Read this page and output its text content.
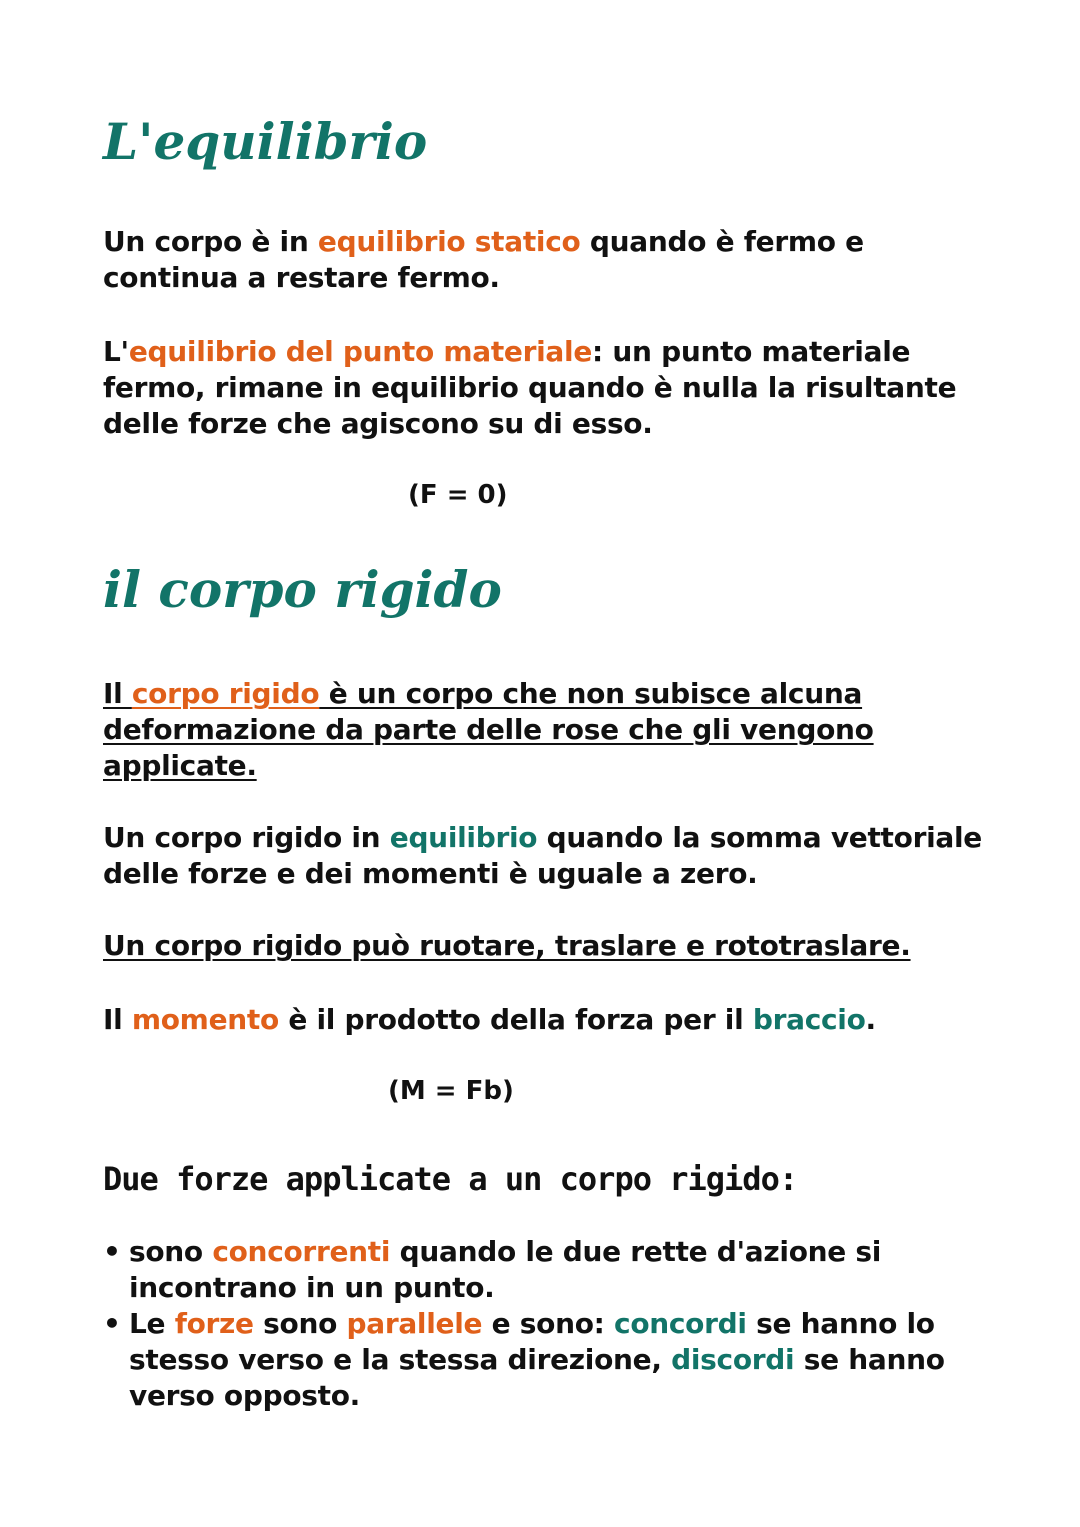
L'equilibrio

Un corpo è in equilibrio statico quando è fermo e continua a restare fermo.

L'equilibrio del punto materiale: un punto materiale fermo, rimane in equilibrio quando è nulla la risultante delle forze che agiscono su di esso.

(F = 0)

il corpo rigido

Il corpo rigido è un corpo che non subisce alcuna deformazione da parte delle rose che gli vengono applicate.

Un corpo rigido in equilibrio quando la somma vettoriale delle forze e dei momenti è uguale a zero.

Un corpo rigido può ruotare, traslare e rototraslare.

Il momento è il prodotto della forza per il braccio.

(M = Fb)

Due forze applicate a un corpo rigido:
• sono concorrenti quando le due rette d'azione si incontrano in un punto.
• Le forze sono parallele e sono: concordi se hanno lo stesso verso e la stessa direzione, discordi se hanno verso opposto.
